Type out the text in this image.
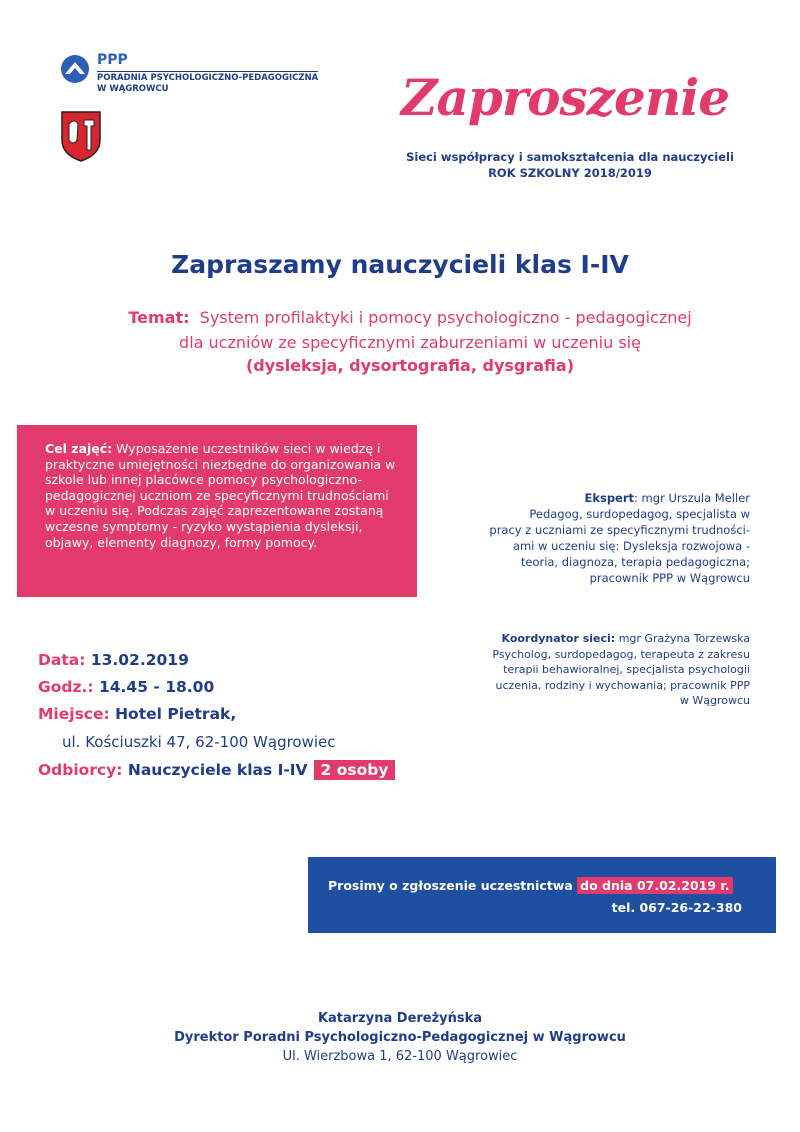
PPP
PORADNIA PSYCHOLOGICZNO-PEDAGOGICZNA
W WĄGROWCU	Zaproszenie
Sieci współpracy i samokształcenia dla nauczycieli
ROK SZKOLNY 2018/2019
Zapraszamy nauczycieli klas I-IV
Temat: System profilaktyki i pomocy psychologiczno - pedagogicznej
dla uczniów ze specyficznymi zaburzeniami w uczeniu się
(dysleksja, dysortografia, dysgrafia)
Cel zajęć: Wyposażenie uczestników sieci w wiedzę i praktyczne umiejętności niezbędne do organizowania w szkole lub innej placówce pomocy psychologiczno-pedagogicznej uczniom ze specyficznymi trudnościami w uczeniu się. Podczas zajęć zaprezentowane zostaną wczesne symptomy - ryzyko wystąpienia dysleksji, objawy, elementy diagnozy, formy pomocy.
Ekspert: mgr Urszula Meller
Pedagog, surdopedagog, specjalista w
pracy z uczniami ze specyficznymi trudności-
ami w uczeniu się: Dysleksja rozwojowa -
teoria, diagnoza, terapia pedagogiczna;
pracownik PPP w Wągrowcu
Koordynator sieci: mgr Grażyna Torzewska
Psycholog, surdopedagog, terapeuta z zakresu
terapii behawioralnej, specjalista psychologii
uczenia, rodziny i wychowania; pracownik PPP
w Wągrowcu
Data: 13.02.2019
Godz.: 14.45 - 18.00
Miejsce: Hotel Pietrak,
ul. Kościuszki 47, 62-100 Wągrowiec
Odbiorcy: Nauczyciele klas I-IV 2 osoby
Prosimy o zgłoszenie uczestnictwa do dnia 07.02.2019 r.
tel. 067-26-22-380
Katarzyna Dereżyńska
Dyrektor Poradni Psychologiczno-Pedagogicznej w Wągrowcu
Ul. Wierzbowa 1, 62-100 Wągrowiec
